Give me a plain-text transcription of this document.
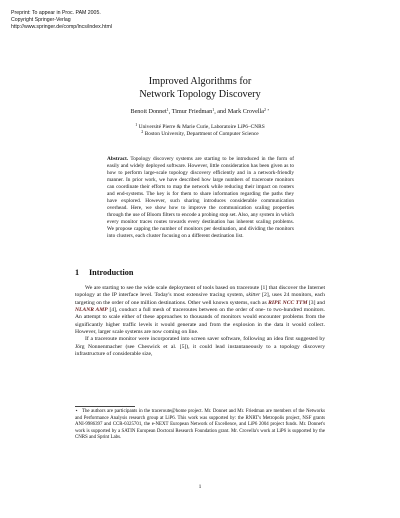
Preprint: To appear in Proc. PAM 2005.
Copyright Springer-Verlag
http://www.springer.de/comp/lncs/index.html
Improved Algorithms for
Network Topology Discovery
Benoit Donnet$^1$, Timur Friedman$^1$, and Mark Crovella$^{2 ⋆}$
$^1$ Université Pierre & Marie Curie, Laboratoire LiP6–CNRS
$^2$ Boston University, Department of Computer Science
Abstract. Topology discovery systems are starting to be introduced in the form of easily and widely deployed software. However, little consideration has been given as to how to perform large-scale topology discovery efficiently and in a network-friendly manner. In prior work, we have described how large numbers of traceroute monitors can coordinate their efforts to map the network while reducing their impact on routers and end-systems. The key is for them to share information regarding the paths they have explored. However, such sharing introduces considerable communication overhead. Here, we show how to improve the communication scaling properties through the use of Bloom filters to encode a probing stop set. Also, any system in which every monitor traces routes towards every destination has inherent scaling problems. We propose capping the number of monitors per destination, and dividing the monitors into clusters, each cluster focusing on a different destination list.
1 Introduction

We are starting to see the wide scale deployment of tools based on traceroute [1] that discover the Internet topology at the IP interface level. Today's most extensive tracing system, skitter [2], uses 24 monitors, each targeting on the order of one million destinations. Other well known systems, such as RIPE NCC TTM [3] and NLANR AMP [4], conduct a full mesh of traceroutes between on the order of one- to two-hundred monitors. An attempt to scale either of these approaches to thousands of monitors would encounter problems from the significantly higher traffic levels it would generate and from the explosion in the data it would collect. However, larger scale systems are now coming on line.

If a traceroute monitor were incorporated into screen saver software, following an idea first suggested by Jörg Nonnenmacher (see Cheswick et al. [5]), it could lead instantaneously to a topology discovery infrastructure of considerable size,

⋆ The authors are participants in the traceroute@home project. Mr. Donnet and Mr. Friedman are members of the Networks and Performance Analysis research group at LiP6. This work was supported by: the RNRT's Metropolis project, NSF grants ANI-9986397 and CCR-0325701, the e-NEXT European Network of Excellence, and LiP6 2004 project funds. Mr. Donnet's work is supported by a SATIN European Doctoral Research Foundation grant. Mr. Crovella's work at LiP6 is supported by the CNRS and Sprint Labs.
1
